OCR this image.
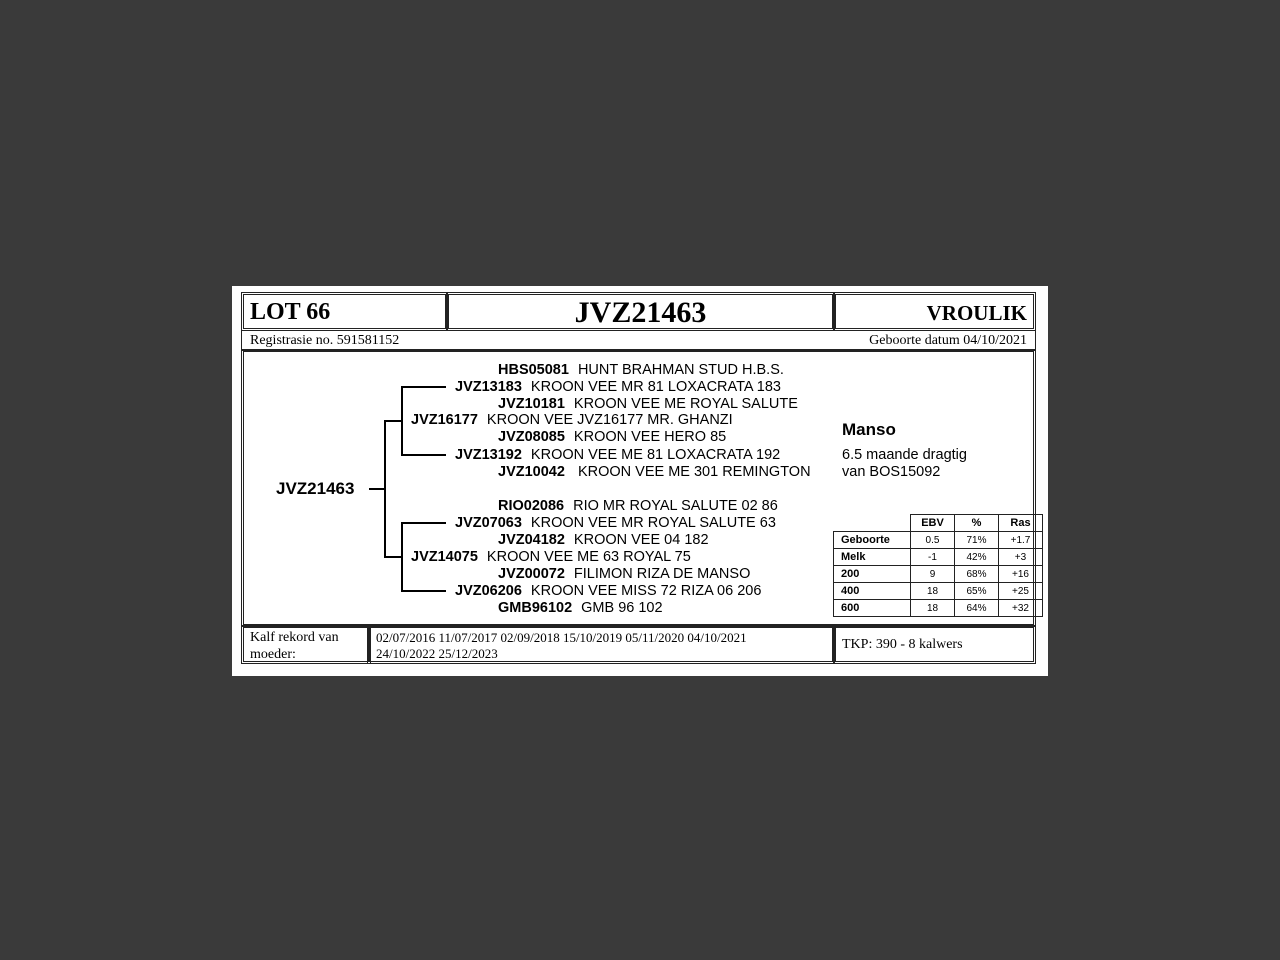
LOT 66	JVZ21463	VROULIK
Registrasie no. 591581152	Geboorte datum 04/10/2021
JVZ21463
HBS05081 HUNT BRAHMAN STUD H.B.S.
JVZ13183 KROON VEE MR 81 LOXACRATA 183
JVZ10181 KROON VEE ME ROYAL SALUTE
JVZ16177 KROON VEE JVZ16177 MR. GHANZI
JVZ08085 KROON VEE HERO 85
JVZ13192 KROON VEE ME 81 LOXACRATA 192
JVZ10042 KROON VEE ME 301 REMINGTON
RIO02086 RIO MR ROYAL SALUTE 02 86
JVZ07063 KROON VEE MR ROYAL SALUTE 63
JVZ04182 KROON VEE 04 182
JVZ14075 KROON VEE ME 63 ROYAL 75
JVZ00072 FILIMON RIZA DE MANSO
JVZ06206 KROON VEE MISS 72 RIZA 06 206
GMB96102 GMB 96 102
Manso
6.5 maande dragtig
van BOS15092
	EBV	%	Ras
Geboorte	0.5	71%	+1.7
Melk	-1	42%	+3
200	9	68%	+16
400	18	65%	+25
600	18	64%	+32
Kalf rekord van moeder:
02/07/2016 11/07/2017 02/09/2018 15/10/2019 05/11/2020 04/10/2021
24/10/2022 25/12/2023
TKP: 390 - 8 kalwers
